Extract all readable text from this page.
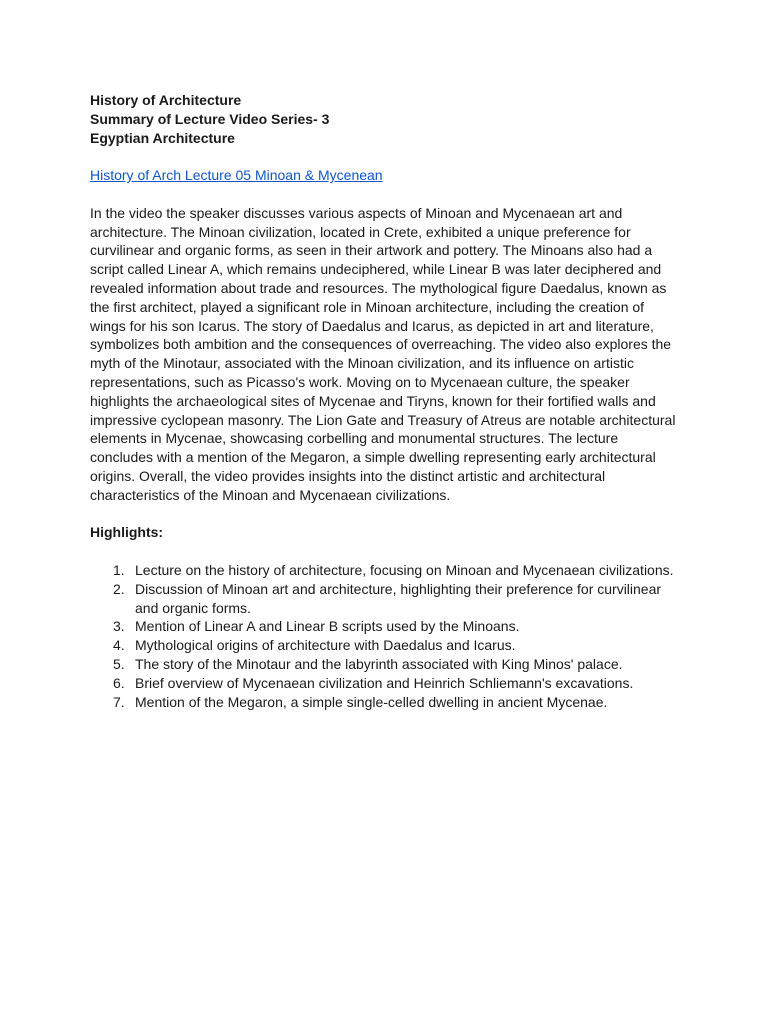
History of Architecture

Summary of Lecture Video Series- 3

Egyptian Architecture

History of Arch Lecture 05 Minoan & Mycenean

In the video the speaker discusses various aspects of Minoan and Mycenaean art and architecture. The Minoan civilization, located in Crete, exhibited a unique preference for curvilinear and organic forms, as seen in their artwork and pottery. The Minoans also had a script called Linear A, which remains undeciphered, while Linear B was later deciphered and revealed information about trade and resources. The mythological figure Daedalus, known as the first architect, played a significant role in Minoan architecture, including the creation of wings for his son Icarus. The story of Daedalus and Icarus, as depicted in art and literature, symbolizes both ambition and the consequences of overreaching. The video also explores the myth of the Minotaur, associated with the Minoan civilization, and its influence on artistic representations, such as Picasso's work. Moving on to Mycenaean culture, the speaker highlights the archaeological sites of Mycenae and Tiryns, known for their fortified walls and impressive cyclopean masonry. The Lion Gate and Treasury of Atreus are notable architectural elements in Mycenae, showcasing corbelling and monumental structures. The lecture concludes with a mention of the Megaron, a simple dwelling representing early architectural origins. Overall, the video provides insights into the distinct artistic and architectural characteristics of the Minoan and Mycenaean civilizations.

Highlights:

1. Lecture on the history of architecture, focusing on Minoan and Mycenaean civilizations.
2. Discussion of Minoan art and architecture, highlighting their preference for curvilinear and organic forms.
3. Mention of Linear A and Linear B scripts used by the Minoans.
4. Mythological origins of architecture with Daedalus and Icarus.
5. The story of the Minotaur and the labyrinth associated with King Minos' palace.
6. Brief overview of Mycenaean civilization and Heinrich Schliemann's excavations.
7. Mention of the Megaron, a simple single-celled dwelling in ancient Mycenae.
